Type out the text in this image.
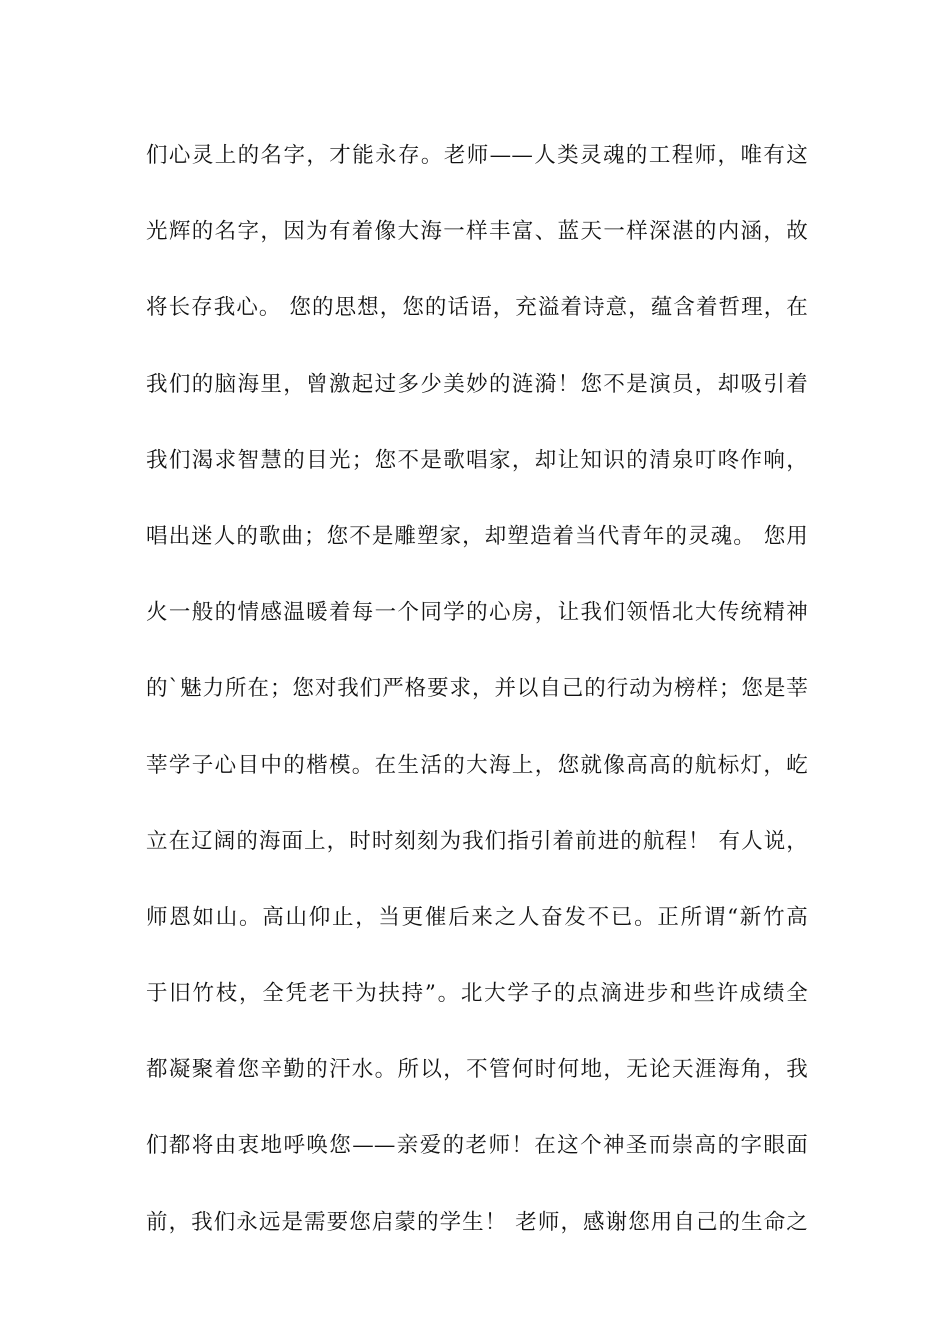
们心灵上的名字，才能永存。老师——人类灵魂的工程师，唯有这
光辉的名字，因为有着像大海一样丰富、蓝天一样深湛的内涵，故
将长存我心。 您的思想，您的话语，充溢着诗意，蕴含着哲理，在
我们的脑海里，曾激起过多少美妙的涟漪！您不是演员，却吸引着
我们渴求智慧的目光；您不是歌唱家，却让知识的清泉叮咚作响，
唱出迷人的歌曲；您不是雕塑家，却塑造着当代青年的灵魂。 您用
火一般的情感温暖着每一个同学的心房，让我们领悟北大传统精神
的`魅力所在；您对我们严格要求，并以自己的行动为榜样；您是莘
莘学子心目中的楷模。在生活的大海上，您就像高高的航标灯，屹
立在辽阔的海面上，时时刻刻为我们指引着前进的航程！ 有人说，
师恩如山。高山仰止，当更催后来之人奋发不已。正所谓“新竹高
于旧竹枝，全凭老干为扶持”。北大学子的点滴进步和些许成绩全
都凝聚着您辛勤的汗水。所以，不管何时何地，无论天涯海角，我
们都将由衷地呼唤您——亲爱的老师！在这个神圣而崇高的字眼面
前，我们永远是需要您启蒙的学生！ 老师，感谢您用自己的生命之
